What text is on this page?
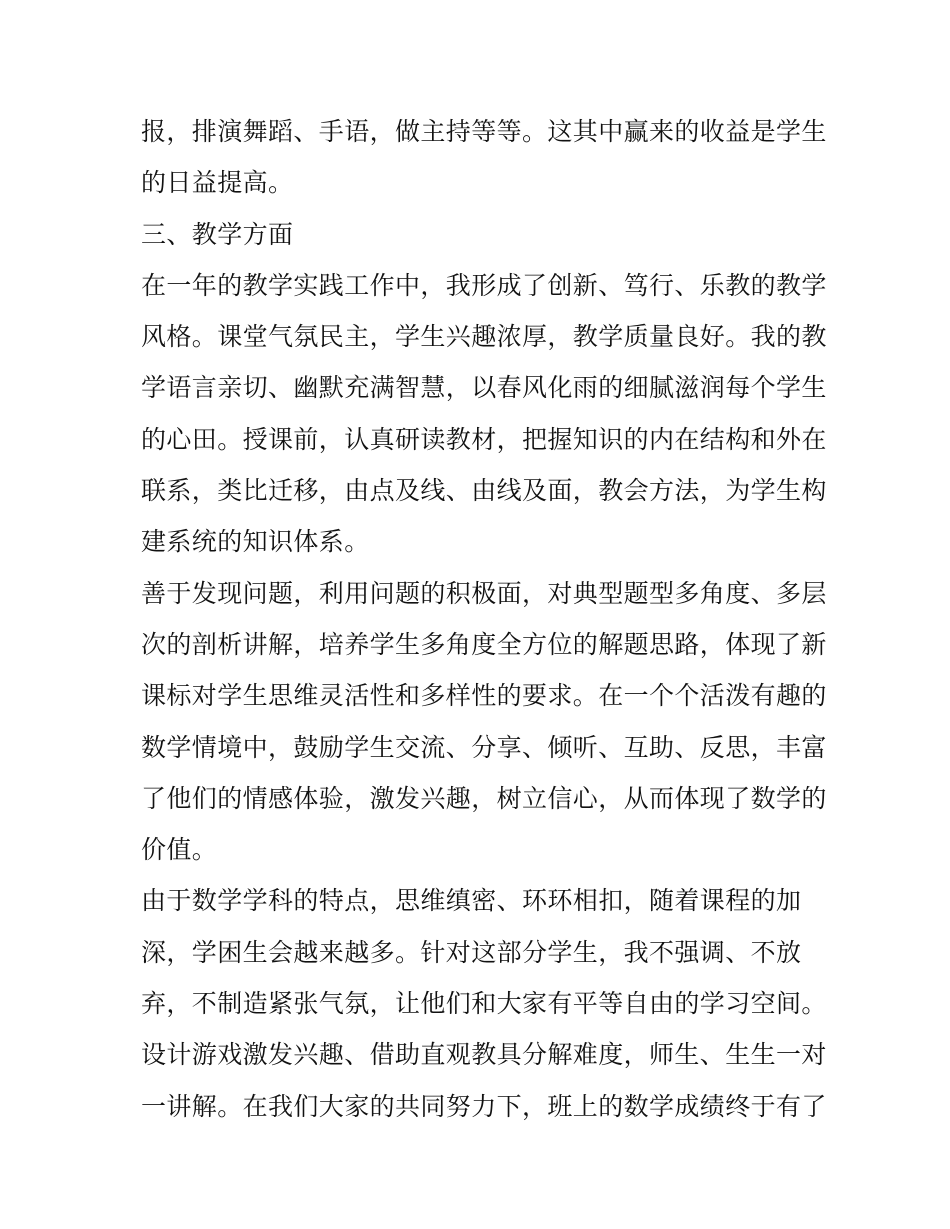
报，排演舞蹈、手语，做主持等等。这其中赢来的收益是学生
的日益提高。
三、教学方面
在一年的教学实践工作中，我形成了创新、笃行、乐教的教学
风格。课堂气氛民主，学生兴趣浓厚，教学质量良好。我的教
学语言亲切、幽默充满智慧，以春风化雨的细腻滋润每个学生
的心田。授课前，认真研读教材，把握知识的内在结构和外在
联系，类比迁移，由点及线、由线及面，教会方法，为学生构
建系统的知识体系。
善于发现问题，利用问题的积极面，对典型题型多角度、多层
次的剖析讲解，培养学生多角度全方位的解题思路，体现了新
课标对学生思维灵活性和多样性的要求。在一个个活泼有趣的
数学情境中，鼓励学生交流、分享、倾听、互助、反思，丰富
了他们的情感体验，激发兴趣，树立信心，从而体现了数学的
价值。
由于数学学科的特点，思维缜密、环环相扣，随着课程的加
深，学困生会越来越多。针对这部分学生，我不强调、不放
弃，不制造紧张气氛，让他们和大家有平等自由的学习空间。
设计游戏激发兴趣、借助直观教具分解难度，师生、生生一对
一讲解。在我们大家的共同努力下，班上的数学成绩终于有了
